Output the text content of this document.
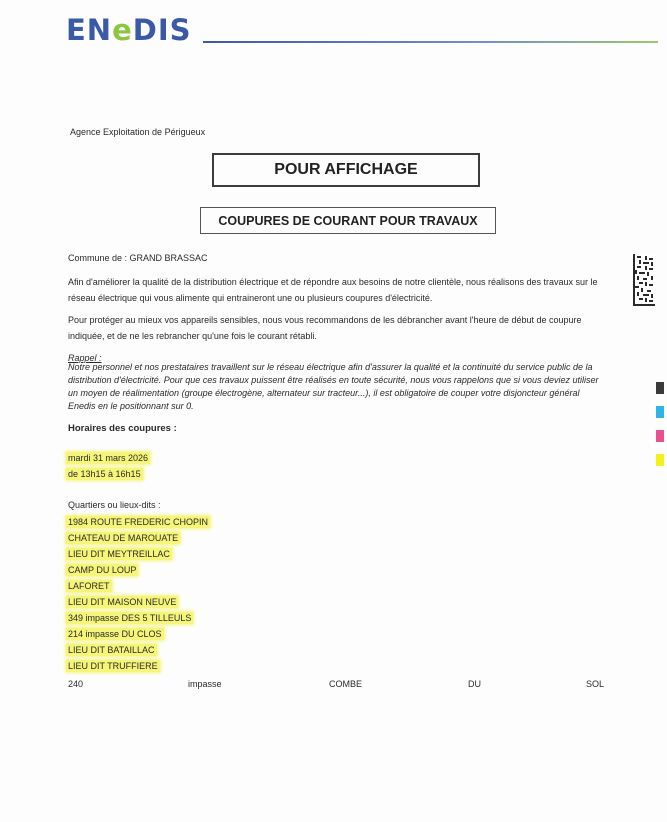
ENeDIS
Agence Exploitation de Périgueux
POUR AFFICHAGE
COUPURES DE COURANT POUR TRAVAUX
Commune de : GRAND BRASSAC
Afin d'améliorer la qualité de la distribution électrique et de répondre aux besoins de notre clientèle, nous réalisons des travaux sur le réseau électrique qui vous alimente qui entraineront une ou plusieurs coupures d'électricité.
Pour protéger au mieux vos appareils sensibles, nous vous recommandons de les débrancher avant l'heure de début de coupure indiquée, et de ne les rebrancher qu'une fois le courant rétabli.
Rappel :
Notre personnel et nos prestataires travaillent sur le réseau électrique afin d'assurer la qualité et la continuité du service public de la distribution d'électricité. Pour que ces travaux puissent être réalisés en toute sécurité, nous vous rappelons que si vous deviez utiliser un moyen de réalimentation (groupe électrogène, alternateur sur tracteur...), il est obligatoire de couper votre disjoncteur général Enedis en le positionnant sur 0.
Horaires des coupures :
mardi 31 mars 2026
de 13h15 à 16h15
Quartiers ou lieux-dits :
1984 ROUTE FREDERIC CHOPIN
CHATEAU DE MAROUATE
LIEU DIT MEYTREILLAC
CAMP DU LOUP
LAFORET
LIEU DIT MAISON NEUVE
349 impasse DES 5 TILLEULS
214 impasse DU CLOS
LIEU DIT BATAILLAC
LIEU DIT TRUFFIERE
240	impasse	COMBE	DU	SOL
